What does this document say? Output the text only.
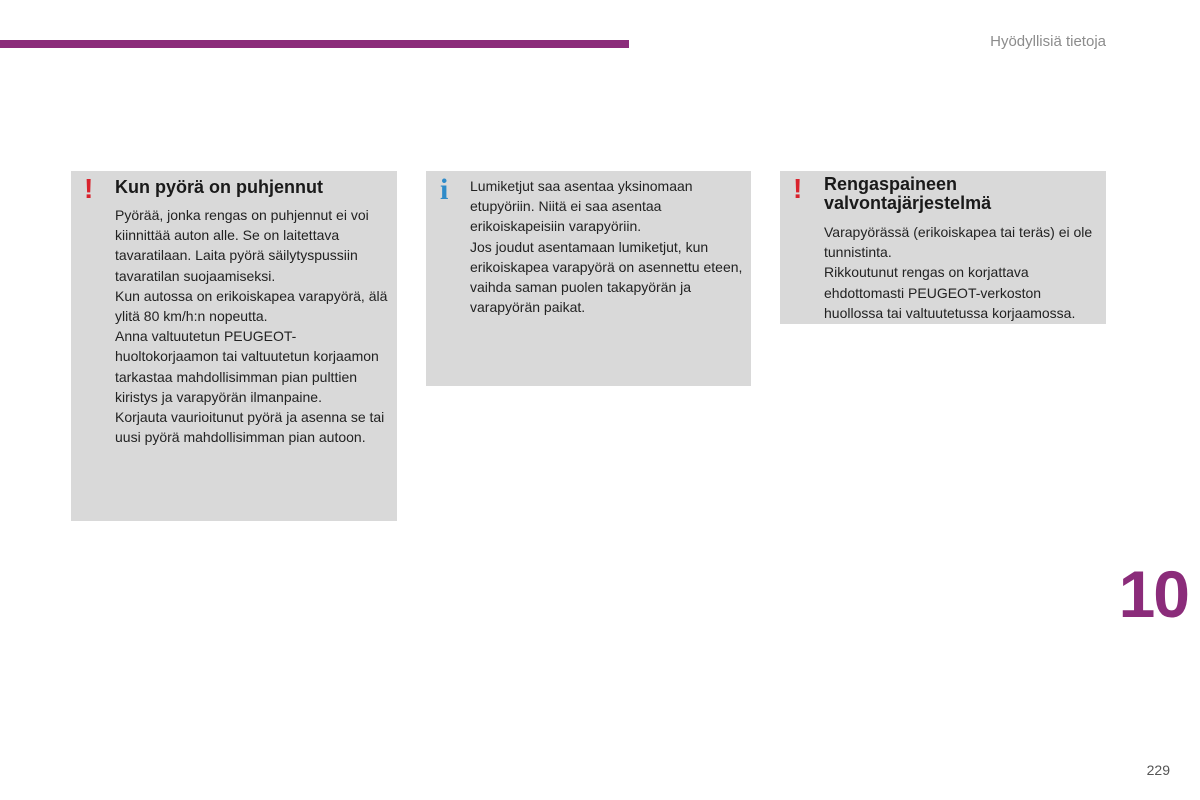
Hyödyllisiä tietoja
! Kun pyörä on puhjennut

Pyörää, jonka rengas on puhjennut ei voi kiinnittää auton alle. Se on laitettava tavaratilaan. Laita pyörä säilytyspussiin tavaratilan suojaamiseksi.

Kun autossa on erikoiskapea varapyörä, älä ylitä 80 km/h:n nopeutta.

Anna valtuutetun PEUGEOT-huoltokorjaamon tai valtuutetun korjaamon tarkastaa mahdollisimman pian pulttien kiristys ja varapyörän ilmanpaine.

Korjauta vaurioitunut pyörä ja asenna se tai uusi pyörä mahdollisimman pian autoon.

i Lumiketjut saa asentaa yksinomaan etupyöriin. Niitä ei saa asentaa erikoiskapeisiin varapyöriin.

Jos joudut asentamaan lumiketjut, kun erikoiskapea varapyörä on asennettu eteen, vaihda saman puolen takapyörän ja varapyörän paikat.

! Rengaspaineen valvontajärjestelmä

Varapyörässä (erikoiskapea tai teräs) ei ole tunnistinta.

Rikkoutunut rengas on korjattava ehdottomasti PEUGEOT-verkoston huollossa tai valtuutetussa korjaamossa.

10
229
